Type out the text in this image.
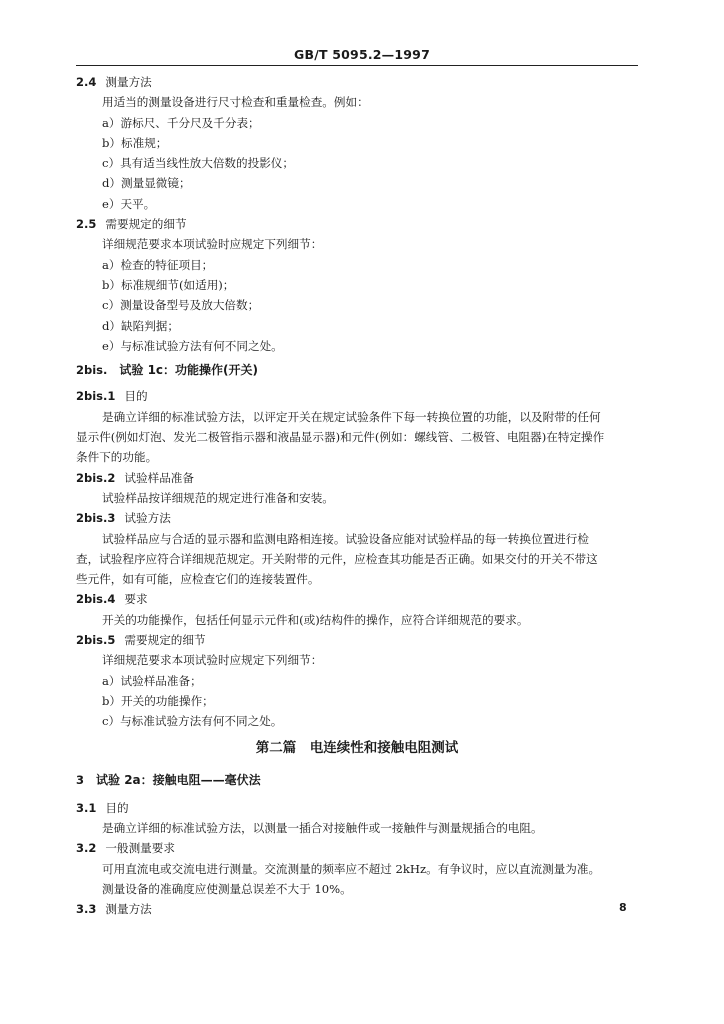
GB/T 5095.2—1997
2.4 测量方法
用适当的测量设备进行尺寸检查和重量检查。例如：
a）游标尺、千分尺及千分表；
b）标准规；
c）具有适当线性放大倍数的投影仪；
d）测量显微镜；
e）天平。
2.5 需要规定的细节
详细规范要求本项试验时应规定下列细节：
a）检查的特征项目；
b）标准规细节(如适用)；
c）测量设备型号及放大倍数；
d）缺陷判据；
e）与标准试验方法有何不同之处。
2bis. 试验 1c：功能操作(开关)
2bis.1 目的
是确立详细的标准试验方法，以评定开关在规定试验条件下每一转换位置的功能，以及附带的任何
显示件(例如灯泡、发光二极管指示器和液晶显示器)和元件(例如：螺线管、二极管、电阻器)在特定操作
条件下的功能。
2bis.2 试验样品准备
试验样品按详细规范的规定进行准备和安装。
2bis.3 试验方法
试验样品应与合适的显示器和监测电路相连接。试验设备应能对试验样品的每一转换位置进行检
查，试验程序应符合详细规范规定。开关附带的元件，应检查其功能是否正确。如果交付的开关不带这
些元件，如有可能，应检查它们的连接装置件。
2bis.4 要求
开关的功能操作，包括任何显示元件和(或)结构件的操作，应符合详细规范的要求。
2bis.5 需要规定的细节
详细规范要求本项试验时应规定下列细节：
a）试验样品准备；
b）开关的功能操作；
c）与标准试验方法有何不同之处。
第二篇　电连续性和接触电阻测试
3 试验 2a：接触电阻——毫伏法
3.1 目的
是确立详细的标准试验方法，以测量一插合对接触件或一接触件与测量规插合的电阻。
3.2 一般测量要求
可用直流电或交流电进行测量。交流测量的频率应不超过 2kHz。有争议时，应以直流测量为准。
测量设备的准确度应使测量总误差不大于 10%。
3.3 测量方法	8
